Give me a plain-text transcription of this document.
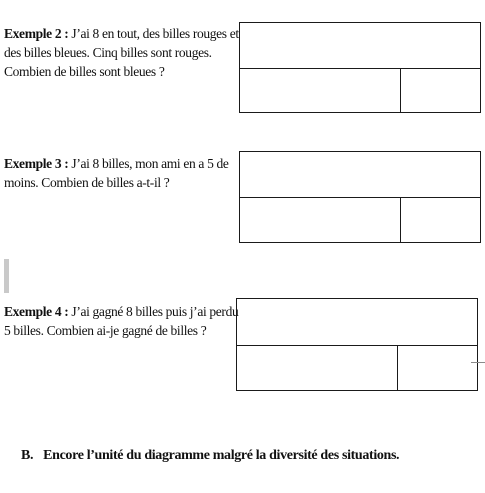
Exemple 2 : J’ai 8 en tout, des billes rouges et
des billes bleues. Cinq billes sont rouges.
Combien de billes sont bleues ?
Exemple 3 : J’ai 8 billes, mon ami en a 5 de
moins. Combien de billes a-t-il ?
Exemple 4 : J’ai gagné 8 billes puis j’ai perdu
5 billes. Combien ai-je gagné de billes ?
B. Encore l’unité du diagramme malgré la diversité des situations.
